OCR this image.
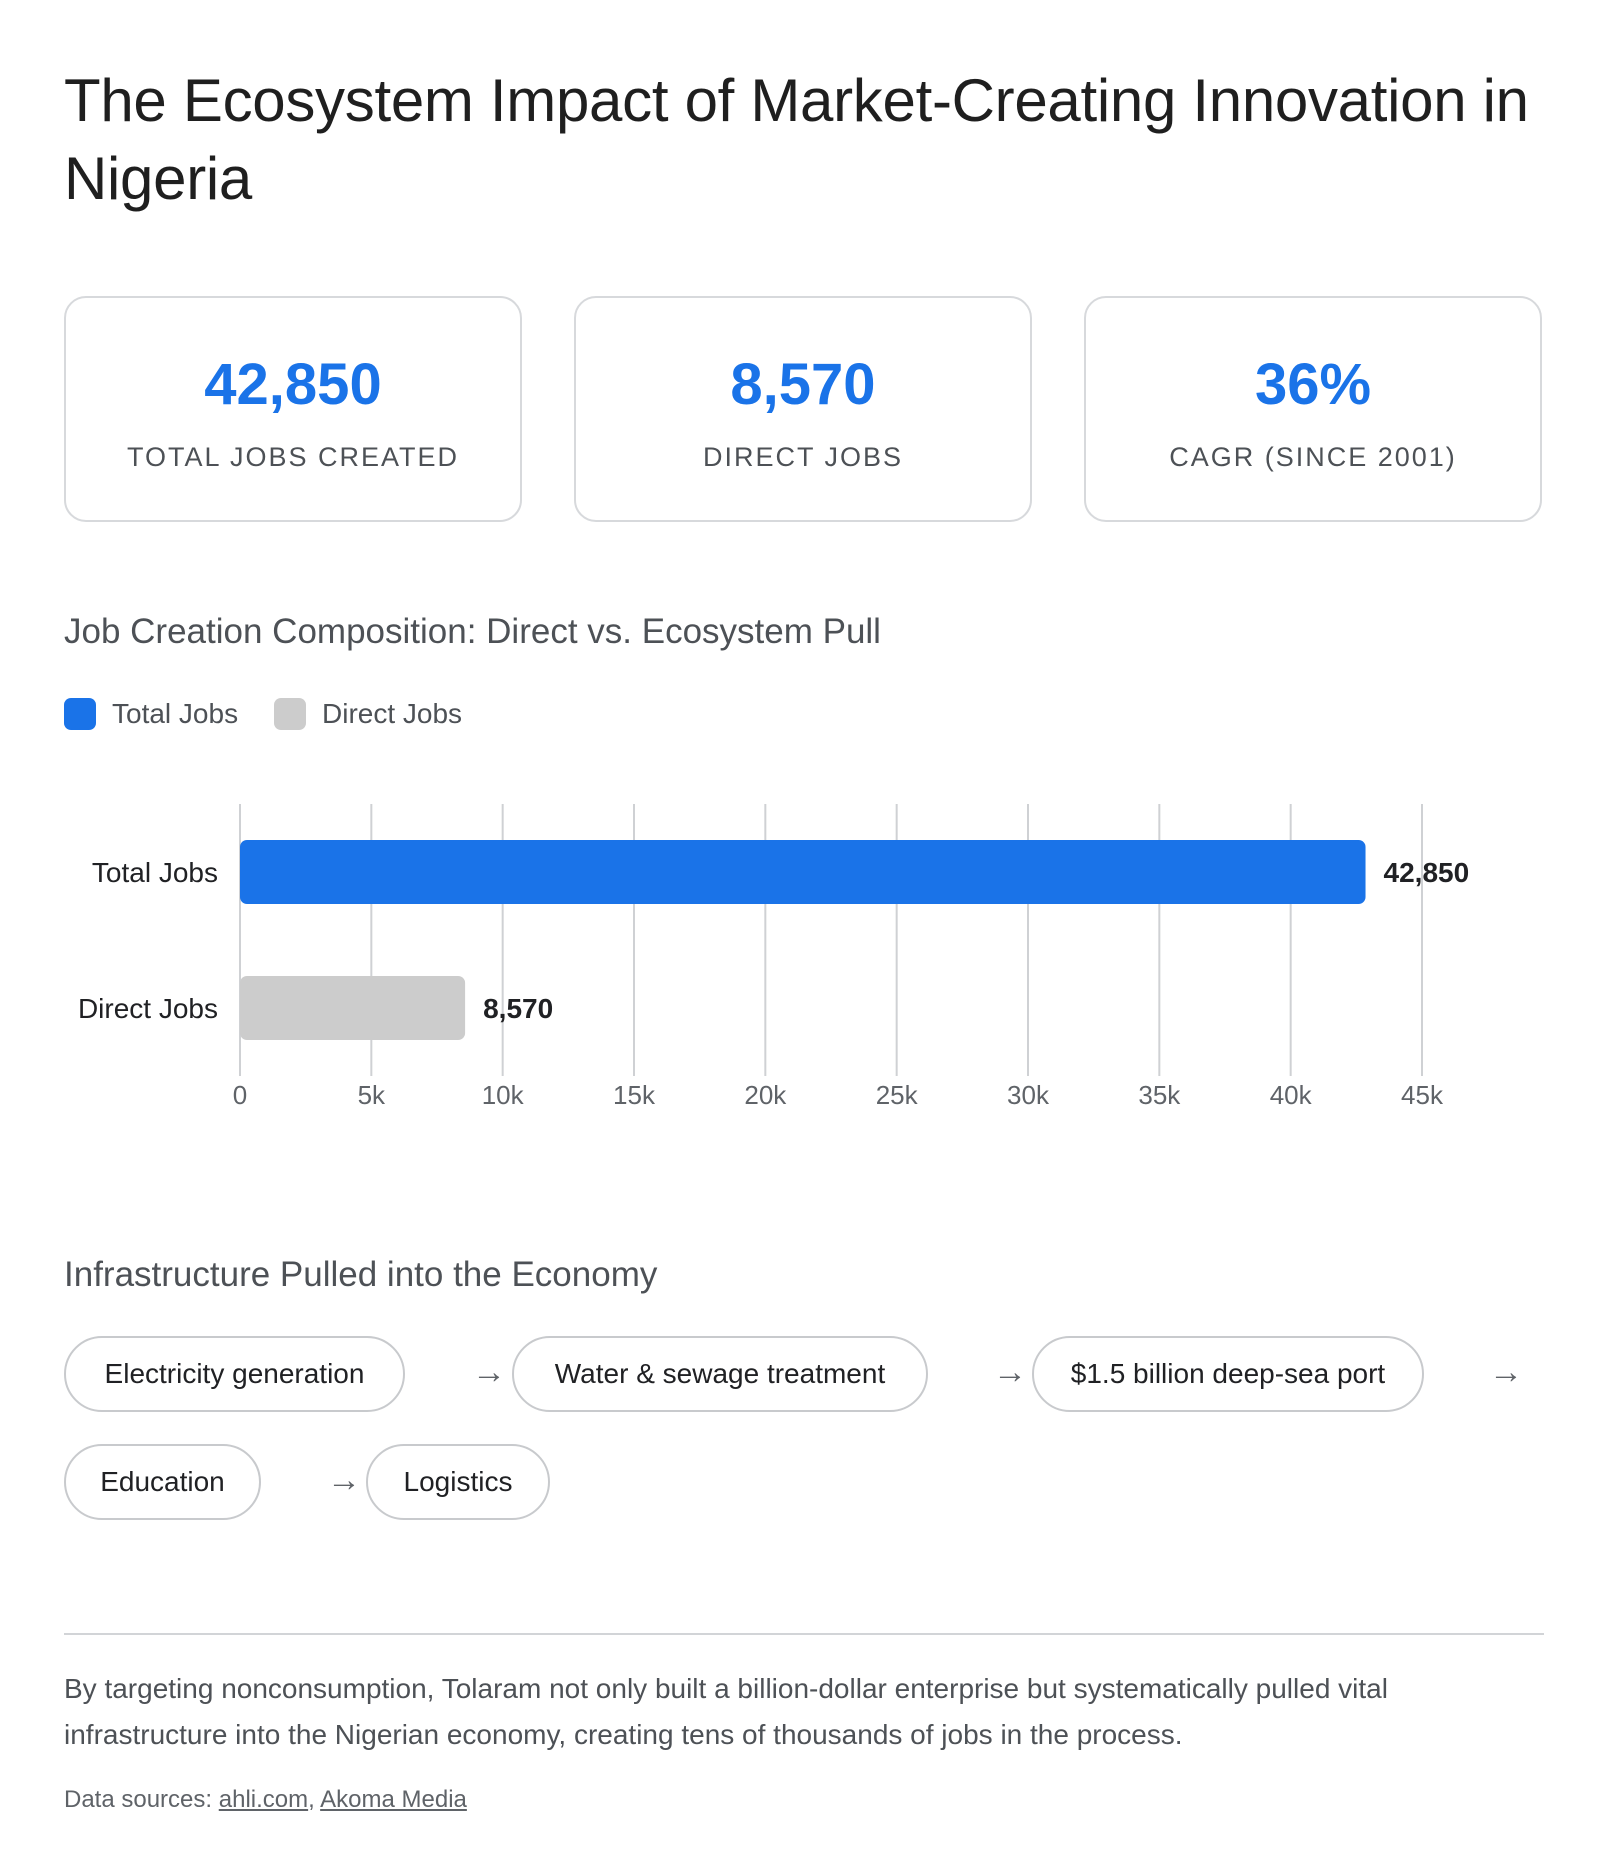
The Ecosystem Impact of Market-Creating Innovation in Nigeria
42,850
TOTAL JOBS CREATED
8,570
DIRECT JOBS
36%
CAGR (SINCE 2001)
Job Creation Composition: Direct vs. Ecosystem Pull
Total Jobs	Direct Jobs
0	5k	10k	15k	20k	25k	30k	35k	40k	45k
Total Jobs	42,850
Direct Jobs	8,570
Infrastructure Pulled into the Economy
Electricity generation	→	Water & sewage treatment	→	$1.5 billion deep-sea port	→
Education	→	Logistics

By targeting nonconsumption, Tolaram not only built a billion-dollar enterprise but systematically pulled vital infrastructure into the Nigerian economy, creating tens of thousands of jobs in the process.

Data sources: ahli.com, Akoma Media
